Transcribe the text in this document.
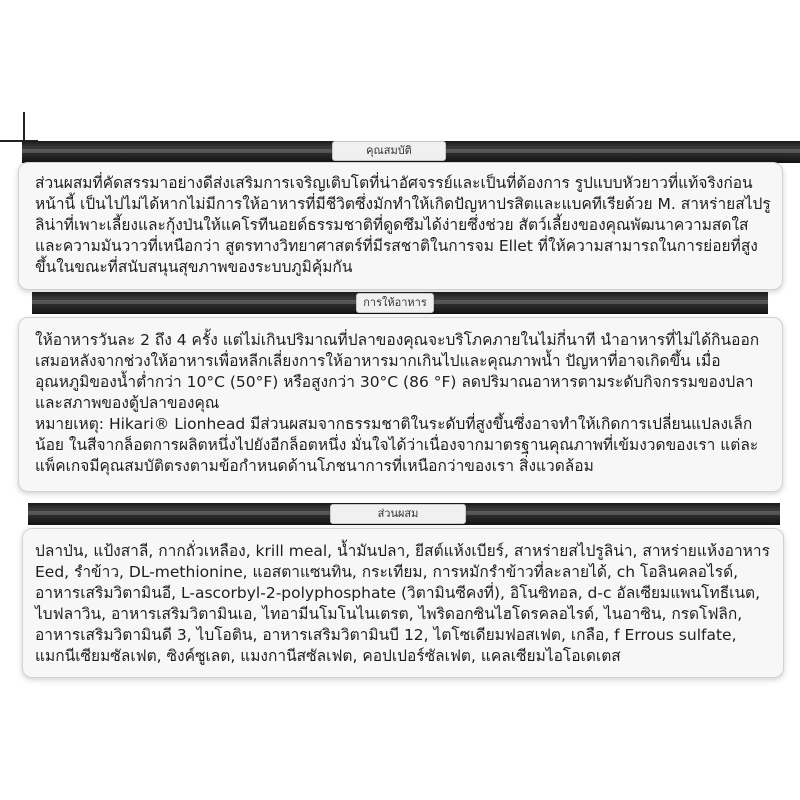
คุณสมบัติ

ส่วนผสมที่คัดสรรมาอย่างดีส่งเสริมการเจริญเติบโตที่น่าอัศจรรย์และเป็นที่ต้องการ รูปแบบหัวยาวที่แท้จริงก่อนหน้านี้ เป็นไปไม่ได้หากไม่มีการให้อาหารที่มีชีวิตซึ่งมักทำให้เกิดปัญหาปรสิตและแบคทีเรียด้วย M. สาหร่ายสไปรูลิน่าที่เพาะเลี้ยงและกุ้งป่นให้แคโรทีนอยด์ธรรมชาติที่ดูดซึมได้ง่ายซึ่งช่วย สัตว์เลี้ยงของคุณพัฒนาความสดใสและความมันวาวที่เหนือกว่า สูตรทางวิทยาศาสตร์ที่มีรสชาติในการจม Ellet ที่ให้ความสามารถในการย่อยที่สูงขึ้นในขณะที่สนับสนุนสุขภาพของระบบภูมิคุ้มกัน

การให้อาหาร

ให้อาหารวันละ 2 ถึง 4 ครั้ง แต่ไม่เกินปริมาณที่ปลาของคุณจะบริโภคภายในไม่กี่นาที นำอาหารที่ไม่ได้กินออกเสมอหลังจากช่วงให้อาหารเพื่อหลีกเลี่ยงการให้อาหารมากเกินไปและคุณภาพน้ำ ปัญหาที่อาจเกิดขึ้น เมื่ออุณหภูมิของน้ำต่ำกว่า 10°C (50°F) หรือสูงกว่า 30°C (86 °F) ลดปริมาณอาหารตามระดับกิจกรรมของปลาและสภาพของตู้ปลาของคุณ

หมายเหตุ: Hikari® Lionhead มีส่วนผสมจากธรรมชาติในระดับที่สูงขึ้นซึ่งอาจทำให้เกิดการเปลี่ยนแปลงเล็กน้อย ในสีจากล็อตการผลิตหนึ่งไปยังอีกล็อตหนึ่ง มั่นใจได้ว่าเนื่องจากมาตรฐานคุณภาพที่เข้มงวดของเรา แต่ละแพ็คเกจมีคุณสมบัติตรงตามข้อกำหนดด้านโภชนาการที่เหนือกว่าของเรา สิ่งแวดล้อม

ส่วนผสม

ปลาป่น, แป้งสาลี, กากถั่วเหลือง, krill meal, น้ำมันปลา, ยีสต์แห้งเบียร์, สาหร่ายสไปรูลิน่า, สาหร่ายแห้งอาหาร Eed, รำข้าว, DL-methionine, แอสตาแซนทิน, กระเทียม, การหมักรำข้าวที่ละลายได้, ch โอลินคลอไรด์, อาหารเสริมวิตามินอี, L-ascorbyl-2-polyphosphate (วิตามินซีคงที่), อิโนซิทอล, d-c อัลเซียมแพนโทธีเนต, ไบฟลาวิน, อาหารเสริมวิตามินเอ, ไทอามีนโมโนไนเตรต, ไพริดอกซินไฮโดรคลอไรด์, ไนอาซิน, กรดโฟลิก, อาหารเสริมวิตามินดี 3, ไบโอติน, อาหารเสริมวิตามินบี 12, ไตโซเดียมฟอสเฟต, เกลือ, f Errous sulfate, แมกนีเซียมซัลเฟต, ซิงค์ซูเลต, แมงกานีสซัลเฟต, คอปเปอร์ซัลเฟต, แคลเซียมไอโอเดเตส
